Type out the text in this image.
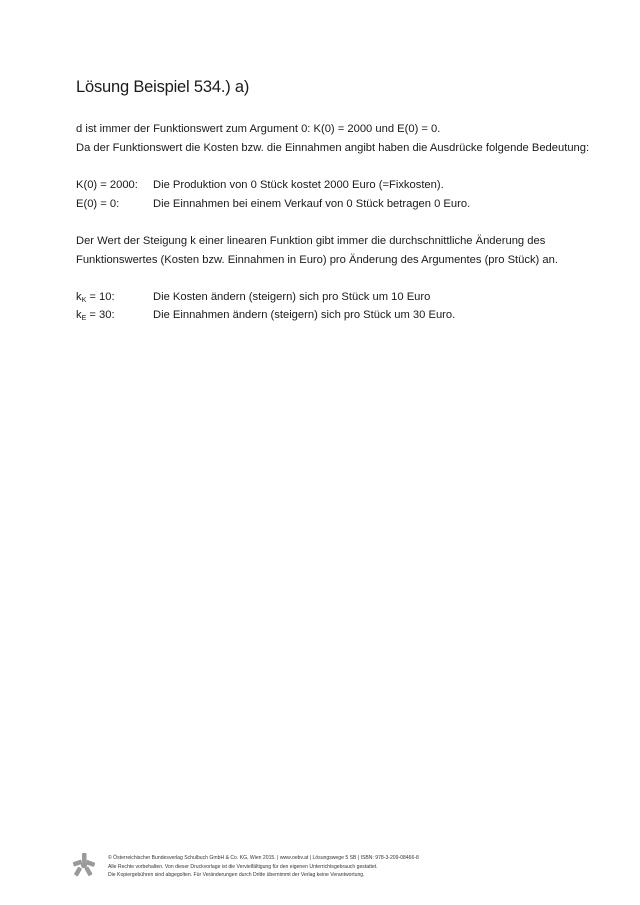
Lösung Beispiel 534.) a)
d ist immer der Funktionswert zum Argument 0: K(0) = 2000 und E(0) = 0.
Da der Funktionswert die Kosten bzw. die Einnahmen angibt haben die Ausdrücke folgende Bedeutung:
K(0) = 2000: Die Produktion von 0 Stück kostet 2000 Euro (=Fixkosten).
E(0) = 0:	Die Einnahmen bei einem Verkauf von 0 Stück betragen 0 Euro.
Der Wert der Steigung k einer linearen Funktion gibt immer die durchschnittliche Änderung des
Funktionswertes (Kosten bzw. Einnahmen in Euro) pro Änderung des Argumentes (pro Stück) an.
$k_K = 10$:	Die Kosten ändern (steigern) sich pro Stück um 10 Euro
$k_E = 30$:	Die Einnahmen ändern (steigern) sich pro Stück um 30 Euro.
© Österreichischer Bundesverlag Schulbuch GmbH & Co. KG, Wien 2015. | www.oebv.at | Lösungswege 5 SB | ISBN: 978-3-209-08466-8
Alle Rechte vorbehalten. Von dieser Druckvorlage ist die Vervielfältigung für den eigenen Unterrichtsgebrauch gestattet.
Die Kopiergebühren sind abgegolten. Für Veränderungen durch Dritte übernimmt der Verlag keine Verantwortung.
